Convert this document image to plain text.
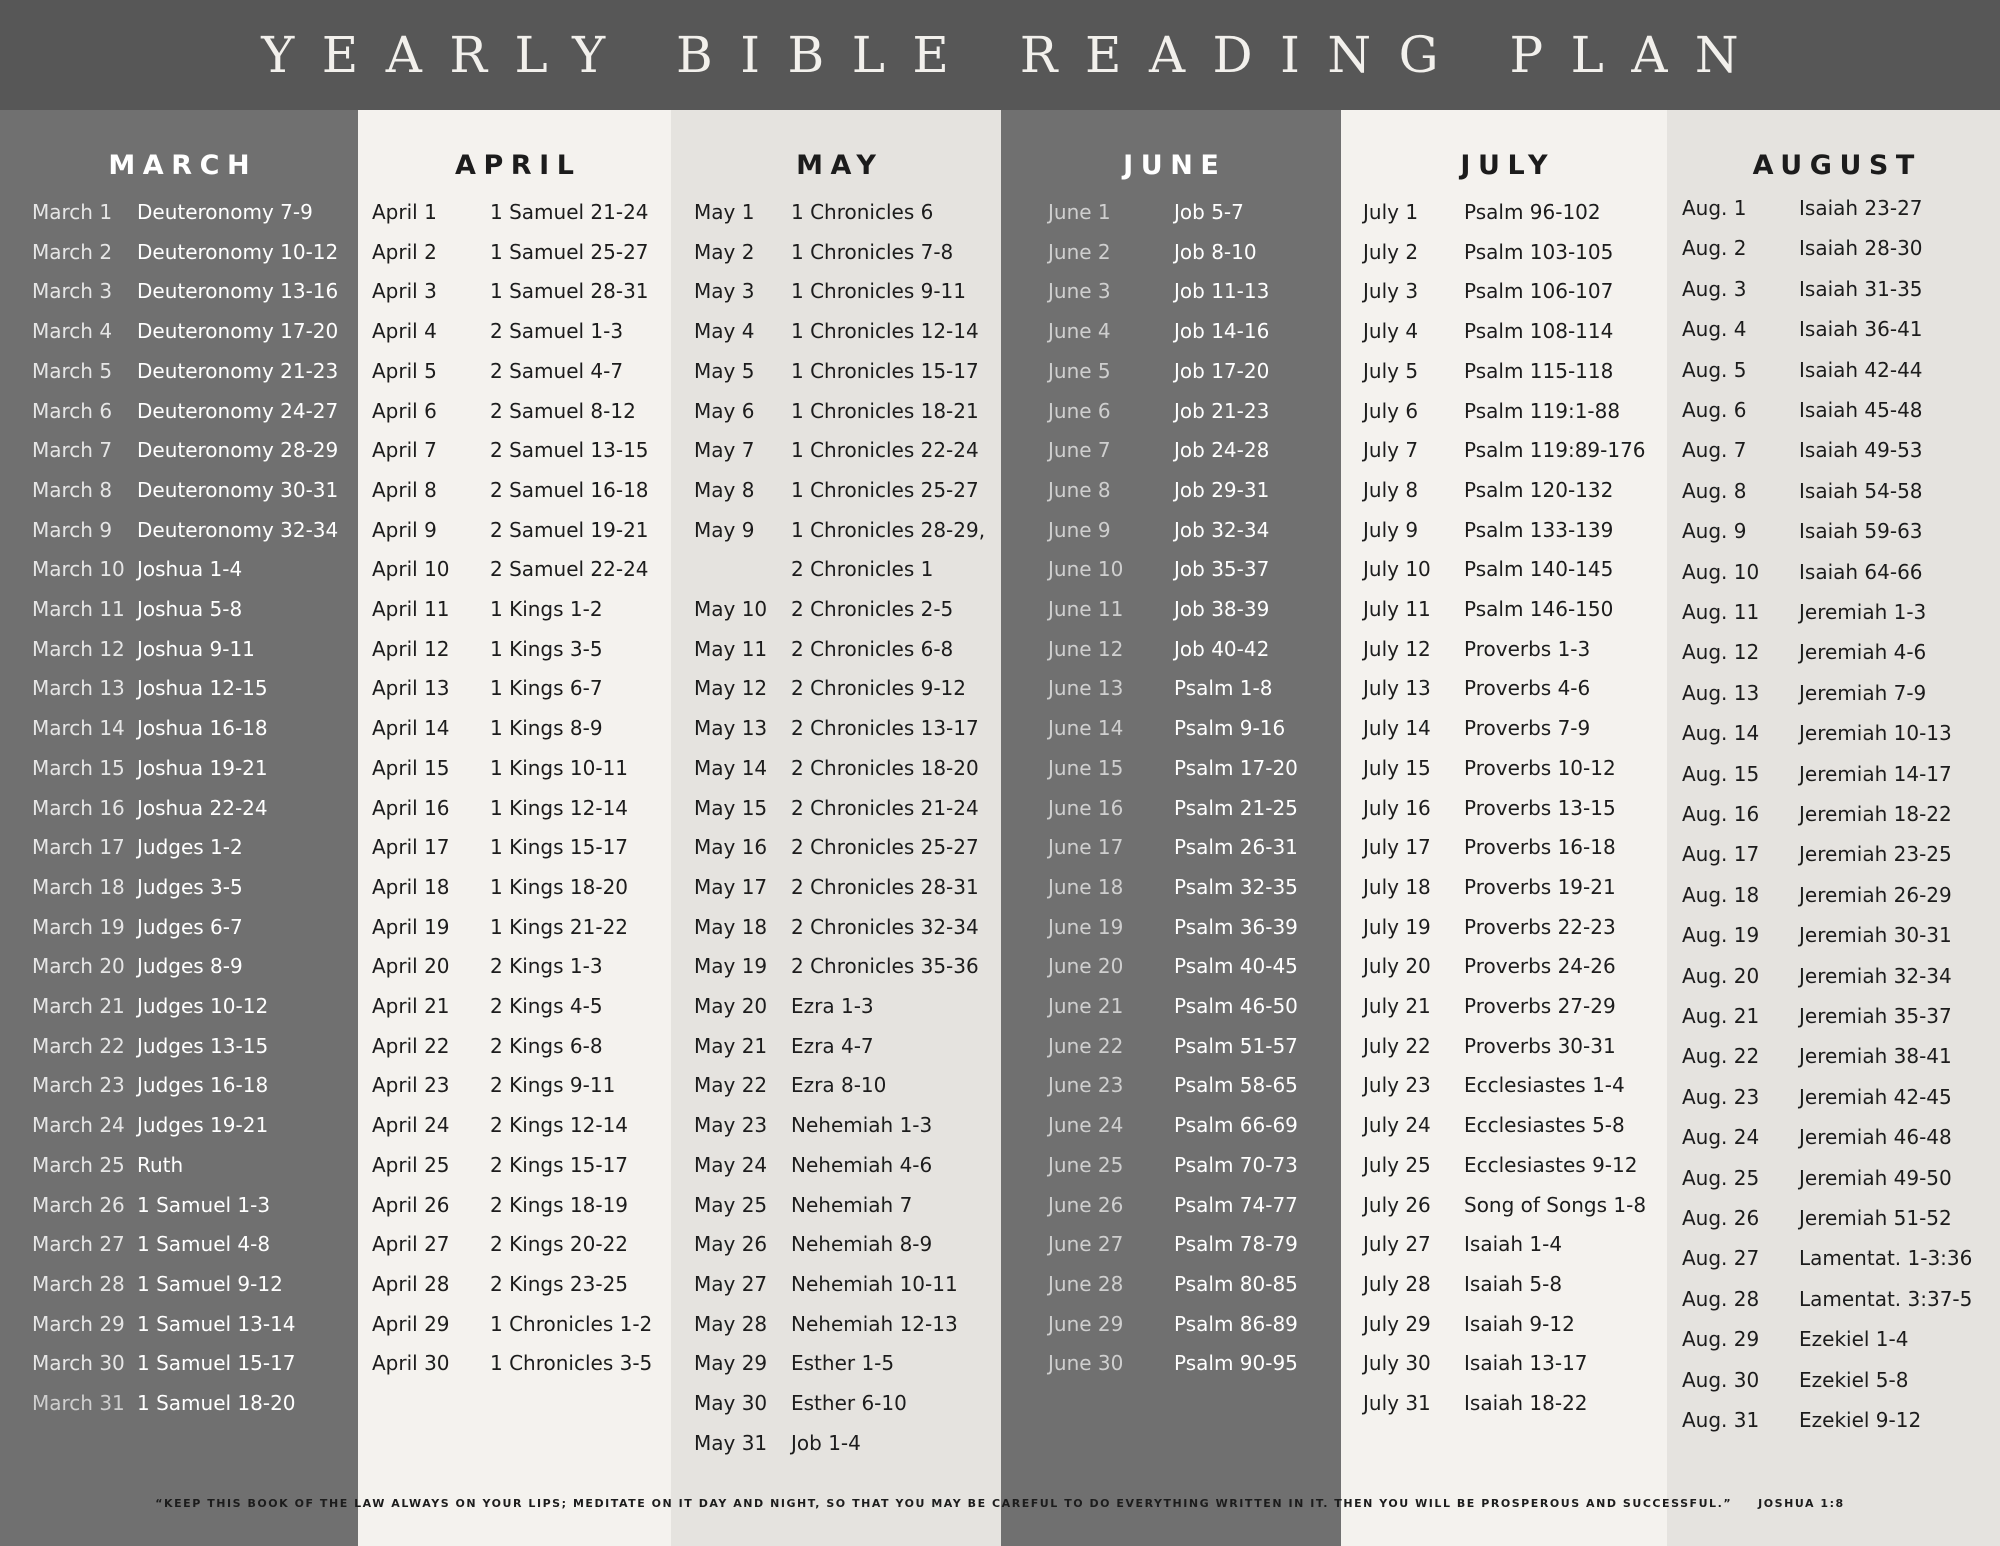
YEARLY BIBLE READING PLAN
MARCH
March 1 Deuteronomy 7-9
March 2 Deuteronomy 10-12
March 3 Deuteronomy 13-16
March 4 Deuteronomy 17-20
March 5 Deuteronomy 21-23
March 6 Deuteronomy 24-27
March 7 Deuteronomy 28-29
March 8 Deuteronomy 30-31
March 9 Deuteronomy 32-34
March 10 Joshua 1-4
March 11 Joshua 5-8
March 12 Joshua 9-11
March 13 Joshua 12-15
March 14 Joshua 16-18
March 15 Joshua 19-21
March 16 Joshua 22-24
March 17 Judges 1-2
March 18 Judges 3-5
March 19 Judges 6-7
March 20 Judges 8-9
March 21 Judges 10-12
March 22 Judges 13-15
March 23 Judges 16-18
March 24 Judges 19-21
March 25 Ruth
March 26 1 Samuel 1-3
March 27 1 Samuel 4-8
March 28 1 Samuel 9-12
March 29 1 Samuel 13-14
March 30 1 Samuel 15-17
March 31 1 Samuel 18-20
APRIL
April 1	1 Samuel 21-24
April 2	1 Samuel 25-27
April 3	1 Samuel 28-31
April 4	2 Samuel 1-3
April 5	2 Samuel 4-7
April 6	2 Samuel 8-12
April 7	2 Samuel 13-15
April 8	2 Samuel 16-18
April 9	2 Samuel 19-21
April 10 2 Samuel 22-24
April 11 1 Kings 1-2
April 12 1 Kings 3-5
April 13 1 Kings 6-7
April 14 1 Kings 8-9
April 15 1 Kings 10-11
April 16 1 Kings 12-14
April 17 1 Kings 15-17
April 18 1 Kings 18-20
April 19 1 Kings 21-22
April 20 2 Kings 1-3
April 21 2 Kings 4-5
April 22 2 Kings 6-8
April 23 2 Kings 9-11
April 24 2 Kings 12-14
April 25 2 Kings 15-17
April 26 2 Kings 18-19
April 27 2 Kings 20-22
April 28 2 Kings 23-25
April 29 1 Chronicles 1-2
April 30 1 Chronicles 3-5
MAY
May 1 1 Chronicles 6
May 2 1 Chronicles 7-8
May 3 1 Chronicles 9-11
May 4 1 Chronicles 12-14
May 5 1 Chronicles 15-17
May 6 1 Chronicles 18-21
May 7 1 Chronicles 22-24
May 8 1 Chronicles 25-27
May 9 1 Chronicles 28-29,
2 Chronicles 1
May 10 2 Chronicles 2-5
May 11 2 Chronicles 6-8
May 12 2 Chronicles 9-12
May 13 2 Chronicles 13-17
May 14 2 Chronicles 18-20
May 15 2 Chronicles 21-24
May 16 2 Chronicles 25-27
May 17 2 Chronicles 28-31
May 18 2 Chronicles 32-34
May 19 2 Chronicles 35-36
May 20 Ezra 1-3
May 21 Ezra 4-7
May 22 Ezra 8-10
May 23 Nehemiah 1-3
May 24 Nehemiah 4-6
May 25 Nehemiah 7
May 26 Nehemiah 8-9
May 27 Nehemiah 10-11
May 28 Nehemiah 12-13
May 29 Esther 1-5
May 30 Esther 6-10
May 31 Job 1-4
JUNE
June 1	Job 5-7
June 2	Job 8-10
June 3	Job 11-13
June 4	Job 14-16
June 5	Job 17-20
June 6	Job 21-23
June 7	Job 24-28
June 8	Job 29-31
June 9	Job 32-34
June 10	Job 35-37
June 11	Job 38-39
June 12	Job 40-42
June 13	Psalm 1-8
June 14	Psalm 9-16
June 15	Psalm 17-20
June 16	Psalm 21-25
June 17	Psalm 26-31
June 18	Psalm 32-35
June 19	Psalm 36-39
June 20	Psalm 40-45
June 21	Psalm 46-50
June 22	Psalm 51-57
June 23	Psalm 58-65
June 24	Psalm 66-69
June 25	Psalm 70-73
June 26	Psalm 74-77
June 27	Psalm 78-79
June 28	Psalm 80-85
June 29	Psalm 86-89
June 30	Psalm 90-95
JULY
July 1 Psalm 96-102
July 2 Psalm 103-105
July 3 Psalm 106-107
July 4 Psalm 108-114
July 5 Psalm 115-118
July 6 Psalm 119:1-88
July 7 Psalm 119:89-176
July 8 Psalm 120-132
July 9 Psalm 133-139
July 10 Psalm 140-145
July 11 Psalm 146-150
July 12 Proverbs 1-3
July 13 Proverbs 4-6
July 14 Proverbs 7-9
July 15 Proverbs 10-12
July 16 Proverbs 13-15
July 17 Proverbs 16-18
July 18 Proverbs 19-21
July 19 Proverbs 22-23
July 20 Proverbs 24-26
July 21 Proverbs 27-29
July 22 Proverbs 30-31
July 23 Ecclesiastes 1-4
July 24 Ecclesiastes 5-8
July 25 Ecclesiastes 9-12
July 26 Song of Songs 1-8
July 27 Isaiah 1-4
July 28 Isaiah 5-8
July 29 Isaiah 9-12
July 30 Isaiah 13-17
July 31 Isaiah 18-22
AUGUST
Aug. 1	Isaiah 23-27
Aug. 2	Isaiah 28-30
Aug. 3	Isaiah 31-35
Aug. 4	Isaiah 36-41
Aug. 5	Isaiah 42-44
Aug. 6	Isaiah 45-48
Aug. 7	Isaiah 49-53
Aug. 8	Isaiah 54-58
Aug. 9	Isaiah 59-63
Aug. 10 Isaiah 64-66
Aug. 11 Jeremiah 1-3
Aug. 12 Jeremiah 4-6
Aug. 13 Jeremiah 7-9
Aug. 14 Jeremiah 10-13
Aug. 15 Jeremiah 14-17
Aug. 16 Jeremiah 18-22
Aug. 17 Jeremiah 23-25
Aug. 18 Jeremiah 26-29
Aug. 19 Jeremiah 30-31
Aug. 20 Jeremiah 32-34
Aug. 21 Jeremiah 35-37
Aug. 22 Jeremiah 38-41
Aug. 23 Jeremiah 42-45
Aug. 24 Jeremiah 46-48
Aug. 25 Jeremiah 49-50
Aug. 26 Jeremiah 51-52
Aug. 27 Lamentat. 1-3:36
Aug. 28 Lamentat. 3:37-5
Aug. 29 Ezekiel 1-4
Aug. 30 Ezekiel 5-8
Aug. 31 Ezekiel 9-12
“KEEP THIS BOOK OF THE LAW ALWAYS ON YOUR LIPS; MEDITATE ON IT DAY AND NIGHT, SO THAT YOU MAY BE CAREFUL TO DO EVERYTHING WRITTEN IN IT. THEN YOU WILL BE PROSPEROUS AND SUCCESSFUL.” JOSHUA 1:8
